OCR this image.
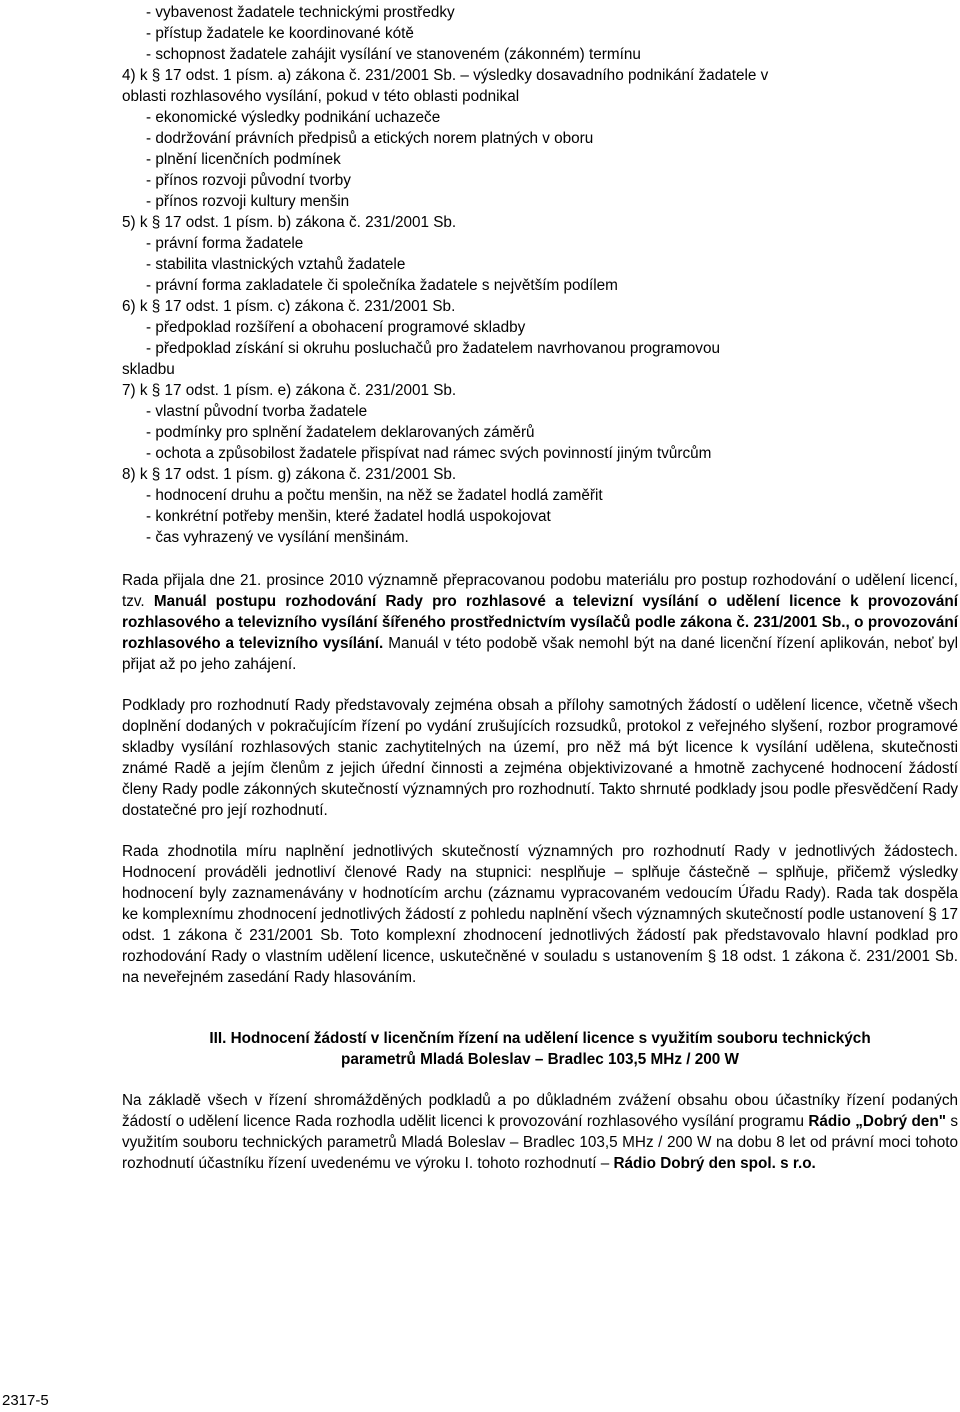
- vybavenost žadatele technickými prostředky
- přístup žadatele ke koordinované kótě
- schopnost žadatele zahájit vysílání ve stanoveném (zákonném) termínu
4) k § 17 odst. 1 písm. a) zákona č. 231/2001 Sb. – výsledky dosavadního podnikání žadatele v
oblasti rozhlasového vysílání, pokud v této oblasti podnikal
- ekonomické výsledky podnikání uchazeče
- dodržování právních předpisů a etických norem platných v oboru
- plnění licenčních podmínek
- přínos rozvoji původní tvorby
- přínos rozvoji kultury menšin
5) k § 17 odst. 1 písm. b) zákona č. 231/2001 Sb.
- právní forma žadatele
- stabilita vlastnických vztahů žadatele
- právní forma zakladatele či společníka žadatele s největším podílem
6) k § 17 odst. 1 písm. c) zákona č. 231/2001 Sb.
- předpoklad rozšíření a obohacení programové skladby
- předpoklad získání si okruhu posluchačů pro žadatelem navrhovanou programovou
skladbu
7) k § 17 odst. 1 písm. e) zákona č. 231/2001 Sb.
- vlastní původní tvorba žadatele
- podmínky pro splnění žadatelem deklarovaných záměrů
- ochota a způsobilost žadatele přispívat nad rámec svých povinností jiným tvůrcům
8) k § 17 odst. 1 písm. g) zákona č. 231/2001 Sb.
- hodnocení druhu a počtu menšin, na něž se žadatel hodlá zaměřit
- konkrétní potřeby menšin, které žadatel hodlá uspokojovat
- čas vyhrazený ve vysílání menšinám.

Rada přijala dne 21. prosince 2010 významně přepracovanou podobu materiálu pro postup rozhodování o udělení licencí, tzv. Manuál postupu rozhodování Rady pro rozhlasové a televizní vysílání o udělení licence k provozování rozhlasového a televizního vysílání šířeného prostřednictvím vysílačů podle zákona č. 231/2001 Sb., o provozování rozhlasového a televizního vysílání. Manuál v této podobě však nemohl být na dané licenční řízení aplikován, neboť byl přijat až po jeho zahájení.

Podklady pro rozhodnutí Rady představovaly zejména obsah a přílohy samotných žádostí o udělení licence, včetně všech doplnění dodaných v pokračujícím řízení po vydání zrušujících rozsudků, protokol z veřejného slyšení, rozbor programové skladby vysílání rozhlasových stanic zachytitelných na území, pro něž má být licence k vysílání udělena, skutečnosti známé Radě a jejím členům z jejich úřední činnosti a zejména objektivizované a hmotně zachycené hodnocení žádostí členy Rady podle zákonných skutečností významných pro rozhodnutí. Takto shrnuté podklady jsou podle přesvědčení Rady dostatečné pro její rozhodnutí.

Rada zhodnotila míru naplnění jednotlivých skutečností významných pro rozhodnutí Rady v jednotlivých žádostech. Hodnocení prováděli jednotliví členové Rady na stupnici: nesplňuje – splňuje částečně – splňuje, přičemž výsledky hodnocení byly zaznamenávány v hodnotícím archu (záznamu vypracovaném vedoucím Úřadu Rady). Rada tak dospěla ke komplexnímu zhodnocení jednotlivých žádostí z pohledu naplnění všech významných skutečností podle ustanovení § 17 odst. 1 zákona č 231/2001 Sb. Toto komplexní zhodnocení jednotlivých žádostí pak představovalo hlavní podklad pro rozhodování Rady o vlastním udělení licence, uskutečněné v souladu s ustanovením § 18 odst. 1 zákona č. 231/2001 Sb. na neveřejném zasedání Rady hlasováním.

III. Hodnocení žádostí v licenčním řízení na udělení licence s využitím souboru technických
parametrů Mladá Boleslav – Bradlec 103,5 MHz / 200 W

Na základě všech v řízení shromážděných podkladů a po důkladném zvážení obsahu obou účastníky řízení podaných žádostí o udělení licence Rada rozhodla udělit licenci k provozování rozhlasového vysílání programu Rádio „Dobrý den" s využitím souboru technických parametrů Mladá Boleslav – Bradlec 103,5 MHz / 200 W na dobu 8 let od právní moci tohoto rozhodnutí účastníku řízení uvedenému ve výroku I. tohoto rozhodnutí – Rádio Dobrý den spol. s r.o.

2317-5
